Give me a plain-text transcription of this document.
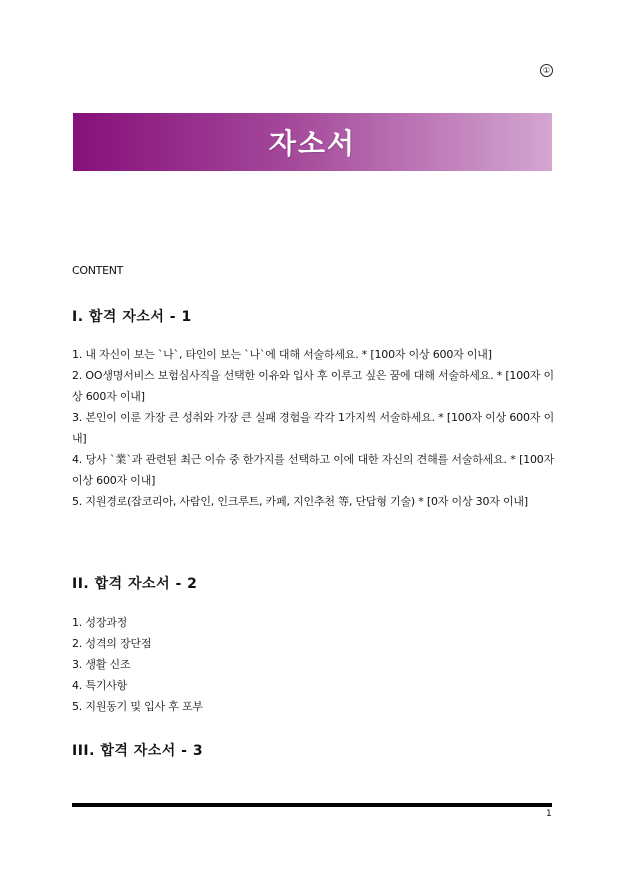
①
자소서
CONTENT
I. 합격 자소서 - 1
1. 내 자신이 보는 `나`, 타인이 보는 `나`에 대해 서술하세요. * [100자 이상 600자 이내]
2. OO생명서비스 보험심사직을 선택한 이유와 입사 후 이루고 싶은 꿈에 대해 서술하세요. * [100자 이상 600자 이내]
3. 본인이 이룬 가장 큰 성취와 가장 큰 실패 경험을 각각 1가지씩 서술하세요. * [100자 이상 600자 이내]
4. 당사 `業`과 관련된 최근 이슈 중 한가지를 선택하고 이에 대한 자신의 견해를 서술하세요. * [100자 이상 600자 이내]
5. 지원경로(잡코리아, 사람인, 인크루트, 카페, 지인추천 等, 단답형 기술) * [0자 이상 30자 이내]
II. 합격 자소서 - 2
1. 성장과정
2. 성격의 장단점
3. 생활 신조
4. 특기사항
5. 지원동기 및 입사 후 포부
III. 합격 자소서 - 3
1
